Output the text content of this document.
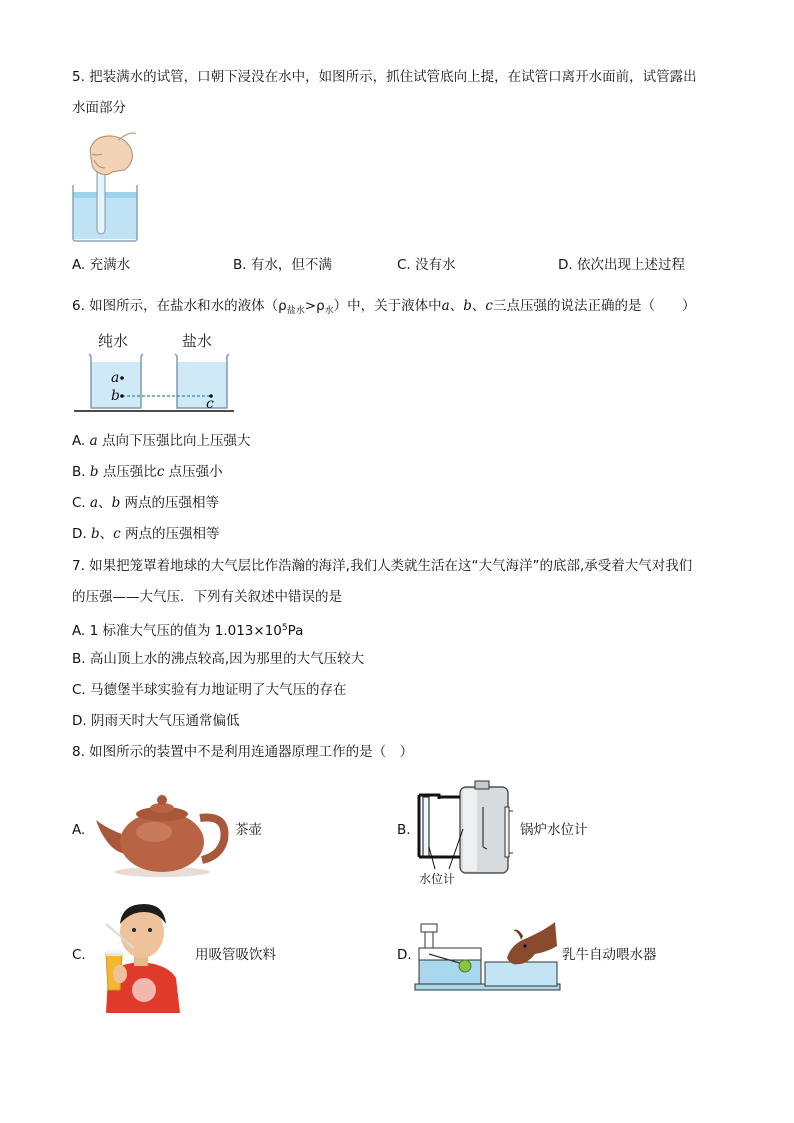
5. 把装满水的试管，口朝下浸没在水中，如图所示，抓住试管底向上提，在试管口离开水面前，试管露出
水面部分
A. 充满水	B. 有水，但不满	C. 没有水	D. 依次出现上述过程
6. 如图所示，在盐水和水的液体$(\rho_{盐水}>\rho_水)$中，关于液体中a、b、c三点压强的说法正确的是（　　）
纯水	盐水
a
b	c
A. a 点向下压强比向上压强大
B. b 点压强比c 点压强小
C. a、b 两点的压强相等
D. b、c 两点的压强相等
7. 如果把笼罩着地球的大气层比作浩瀚的海洋,我们人类就生活在这“大气海洋”的底部,承受着大气对我们
的压强——大气压．下列有关叙述中错误的是
A. 1 标准大气压的值为 $1.013\times 10^5Pa$
B. 高山顶上水的沸点较高,因为那里的大气压较大
C. 马德堡半球实验有力地证明了大气压的存在
D. 阴雨天时大气压通常偏低
8. 如图所示的装置中不是利用连通器原理工作的是（　）
A.	茶壶	B.
水位计
锅炉水位计
C.	用吸管吸饮料	D.	乳牛自动喂水器
